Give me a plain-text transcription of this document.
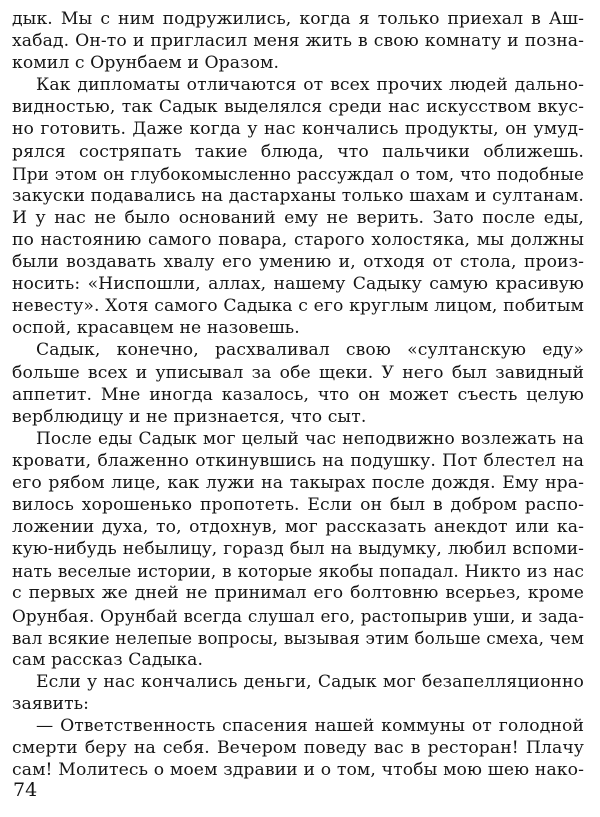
дык. Мы с ним подружились, когда я только приехал в Аш-
хабад. Он-то и пригласил меня жить в свою комнату и позна-
комил с Орунбаем и Оразом.
Как дипломаты отличаются от всех прочих людей дально-
видностью, так Садык выделялся среди нас искусством вкус-
но готовить. Даже когда у нас кончались продукты, он умуд-
рялся состряпать такие блюда, что пальчики оближешь.
При этом он глубокомысленно рассуждал о том, что подобные
закуски подавались на дастарханы только шахам и султанам.
И у нас не было оснований ему не верить. Зато после еды,
по настоянию самого повара, старого холостяка, мы должны
были воздавать хвалу его умению и, отходя от стола, произ-
носить: «Ниспошли, аллах, нашему Садыку самую красивую
невесту». Хотя самого Садыка с его круглым лицом, побитым
оспой, красавцем не назовешь.
Садык, конечно, расхваливал свою «султанскую еду»
больше всех и уписывал за обе щеки. У него был завидный
аппетит. Мне иногда казалось, что он может съесть целую
верблюдицу и не признается, что сыт.
После еды Садык мог целый час неподвижно возлежать на
кровати, блаженно откинувшись на подушку. Пот блестел на
его рябом лице, как лужи на такырах после дождя. Ему нра-
вилось хорошенько пропотеть. Если он был в добром распо-
ложении духа, то, отдохнув, мог рассказать анекдот или ка-
кую-нибудь небылицу, горазд был на выдумку, любил вспоми-
нать веселые истории, в которые якобы попадал. Никто из нас
с первых же дней не принимал его болтовню всерьез, кроме
Орунбая. Орунбай всегда слушал его, растопырив уши, и зада-
вал всякие нелепые вопросы, вызывая этим больше смеха, чем
сам рассказ Садыка.
Если у нас кончались деньги, Садык мог безапелляционно
заявить:
— Ответственность спасения нашей коммуны от голодной
смерти беру на себя. Вечером поведу вас в ресторан! Плачу
сам! Молитесь о моем здравии и о том, чтобы мою шею нако-
74
